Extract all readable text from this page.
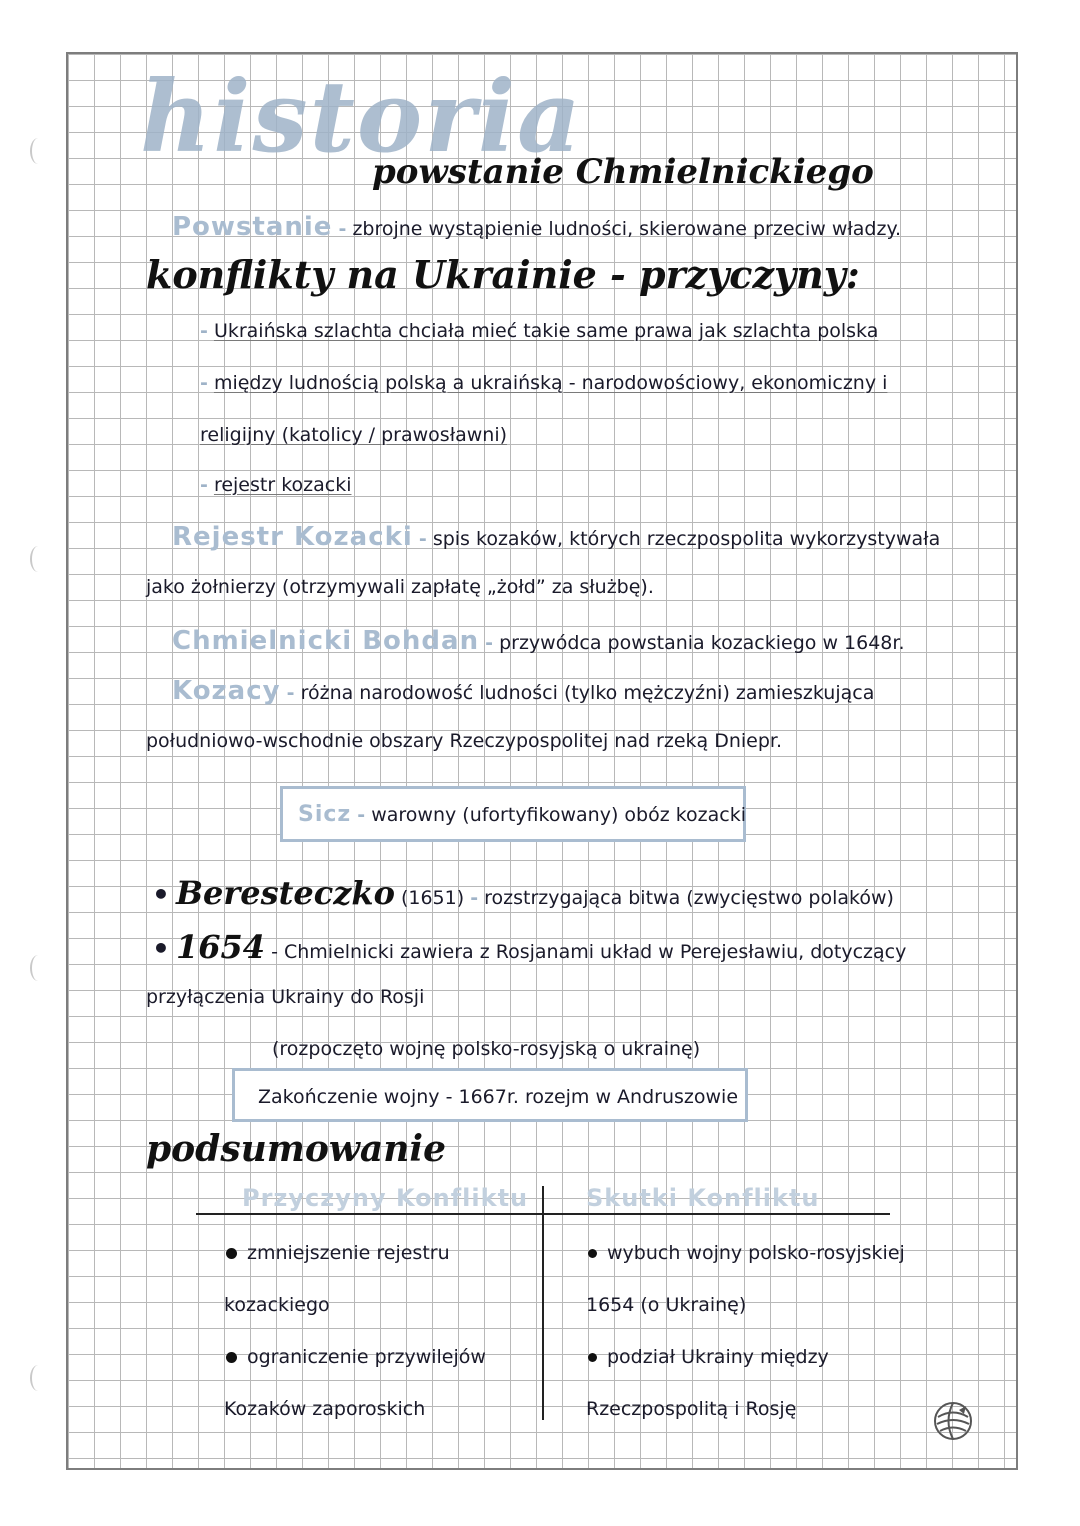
historia
powstanie Chmielnickiego
Powstanie - zbrojne wystąpienie ludności, skierowane przeciw władzy.
konflikty na Ukrainie - przyczyny:
- Ukraińska szlachta chciała mieć takie same prawa jak szlachta polska
- między ludnością polską a ukraińską - narodowościowy, ekonomiczny i
religijny (katolicy / prawosławni)
- rejestr kozacki
Rejestr Kozacki - spis kozaków, których rzeczpospolita wykorzystywała
jako żołnierzy (otrzymywali zapłatę „żołd” za służbę).
Chmielnicki Bohdan - przywódca powstania kozackiego w 1648r.
Kozacy - różna narodowość ludności (tylko mężczyźni) zamieszkująca
południowo-wschodnie obszary Rzeczypospolitej nad rzeką Dniepr.
Sicz - warowny (ufortyfikowany) obóz kozacki
• Beresteczko (1651) - rozstrzygająca bitwa (zwycięstwo polaków)
• 1654 - Chmielnicki zawiera z Rosjanami układ w Perejesławiu, dotyczący
przyłączenia Ukrainy do Rosji
(rozpoczęto wojnę polsko-rosyjską o ukrainę)
Zakończenie wojny - 1667r. rozejm w Andruszowie
podsumowanie
Przyczyny Konfliktu Skutki Konfliktu
zmniejszenie rejestru
kozackiego
ograniczenie przywilejów
Kozaków zaporoskich
wybuch wojny polsko-rosyjskiej
1654 (o Ukrainę)
podział Ukrainy między
Rzeczpospolitą i Rosję
